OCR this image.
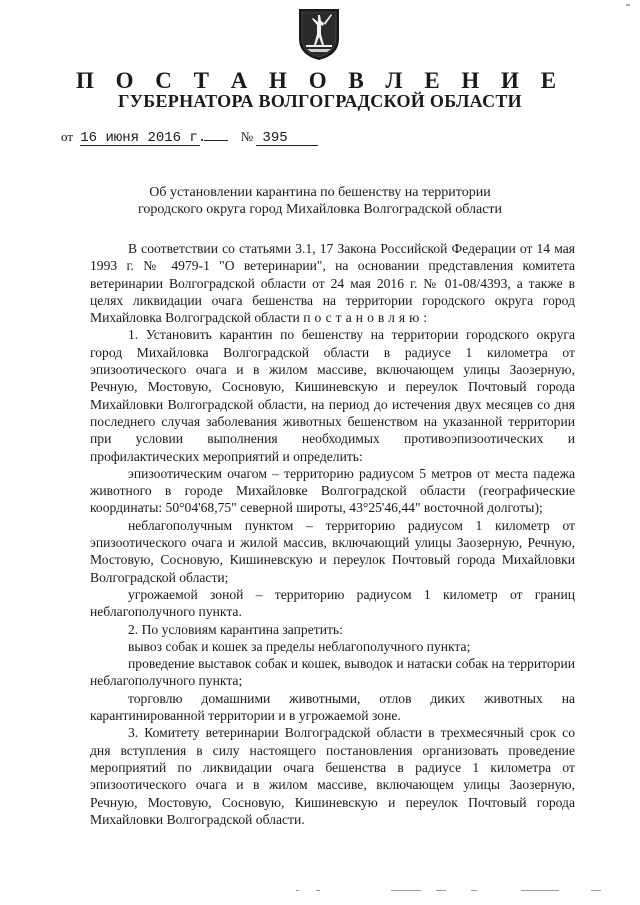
П О С Т А Н О В Л Е Н И Е
ГУБЕРНАТОРА ВОЛГОГРАДСКОЙ ОБЛАСТИ
от 16 июня 2016 г.	№ 395
Об установлении карантина по бешенству на территории
городского округа город Михайловка Волгоградской области

В соответствии со статьями 3.1, 17 Закона Российской Федерации от 14 мая 1993 г. № 4979-1 "О ветеринарии", на основании представления комитета ветеринарии Волгоградской области от 24 мая 2016 г. № 01-08/4393, а также в целях ликвидации очага бешенства на территории городского округа город Михайловка Волгоградской области постановляю:

1. Установить карантин по бешенству на территории городского округа город Михайловка Волгоградской области в радиусе 1 километра от эпизоотического очага и в жилом массиве, включающем улицы Заозерную, Речную, Мостовую, Сосновую, Кишиневскую и переулок Почтовый города Михайловки Волгоградской области, на период до истечения двух месяцев со дня последнего случая заболевания животных бешенством на указанной территории при условии выполнения необходимых противоэпизоотических и профилактических мероприятий и определить:

эпизоотическим очагом – территорию радиусом 5 метров от места падежа животного в городе Михайловке Волгоградской области (географические координаты: 50°04'68,75" северной широты, 43°25'46,44" восточной долготы);

неблагополучным пунктом – территорию радиусом 1 километр от эпизоотического очага и жилой массив, включающий улицы Заозерную, Речную, Мостовую, Сосновую, Кишиневскую и переулок Почтовый города Михайловки Волгоградской области;

угрожаемой зоной – территорию радиусом 1 километр от границ неблагополучного пункта.

2. По условиям карантина запретить:

вывоз собак и кошек за пределы неблагополучного пункта;

проведение выставок собак и кошек, выводок и натаски собак на территории неблагополучного пункта;

торговлю домашними животными, отлов диких животных на карантинированной территории и в угрожаемой зоне.

3. Комитету ветеринарии Волгоградской области в трехмесячный срок со дня вступления в силу настоящего постановления организовать проведение мероприятий по ликвидации очага бешенства в радиусе 1 километра от эпизоотического очага и в жилом массиве, включающем улицы Заозерную, Речную, Мостовую, Сосновую, Кишиневскую и переулок Почтовый города Михайловки Волгоградской области.
